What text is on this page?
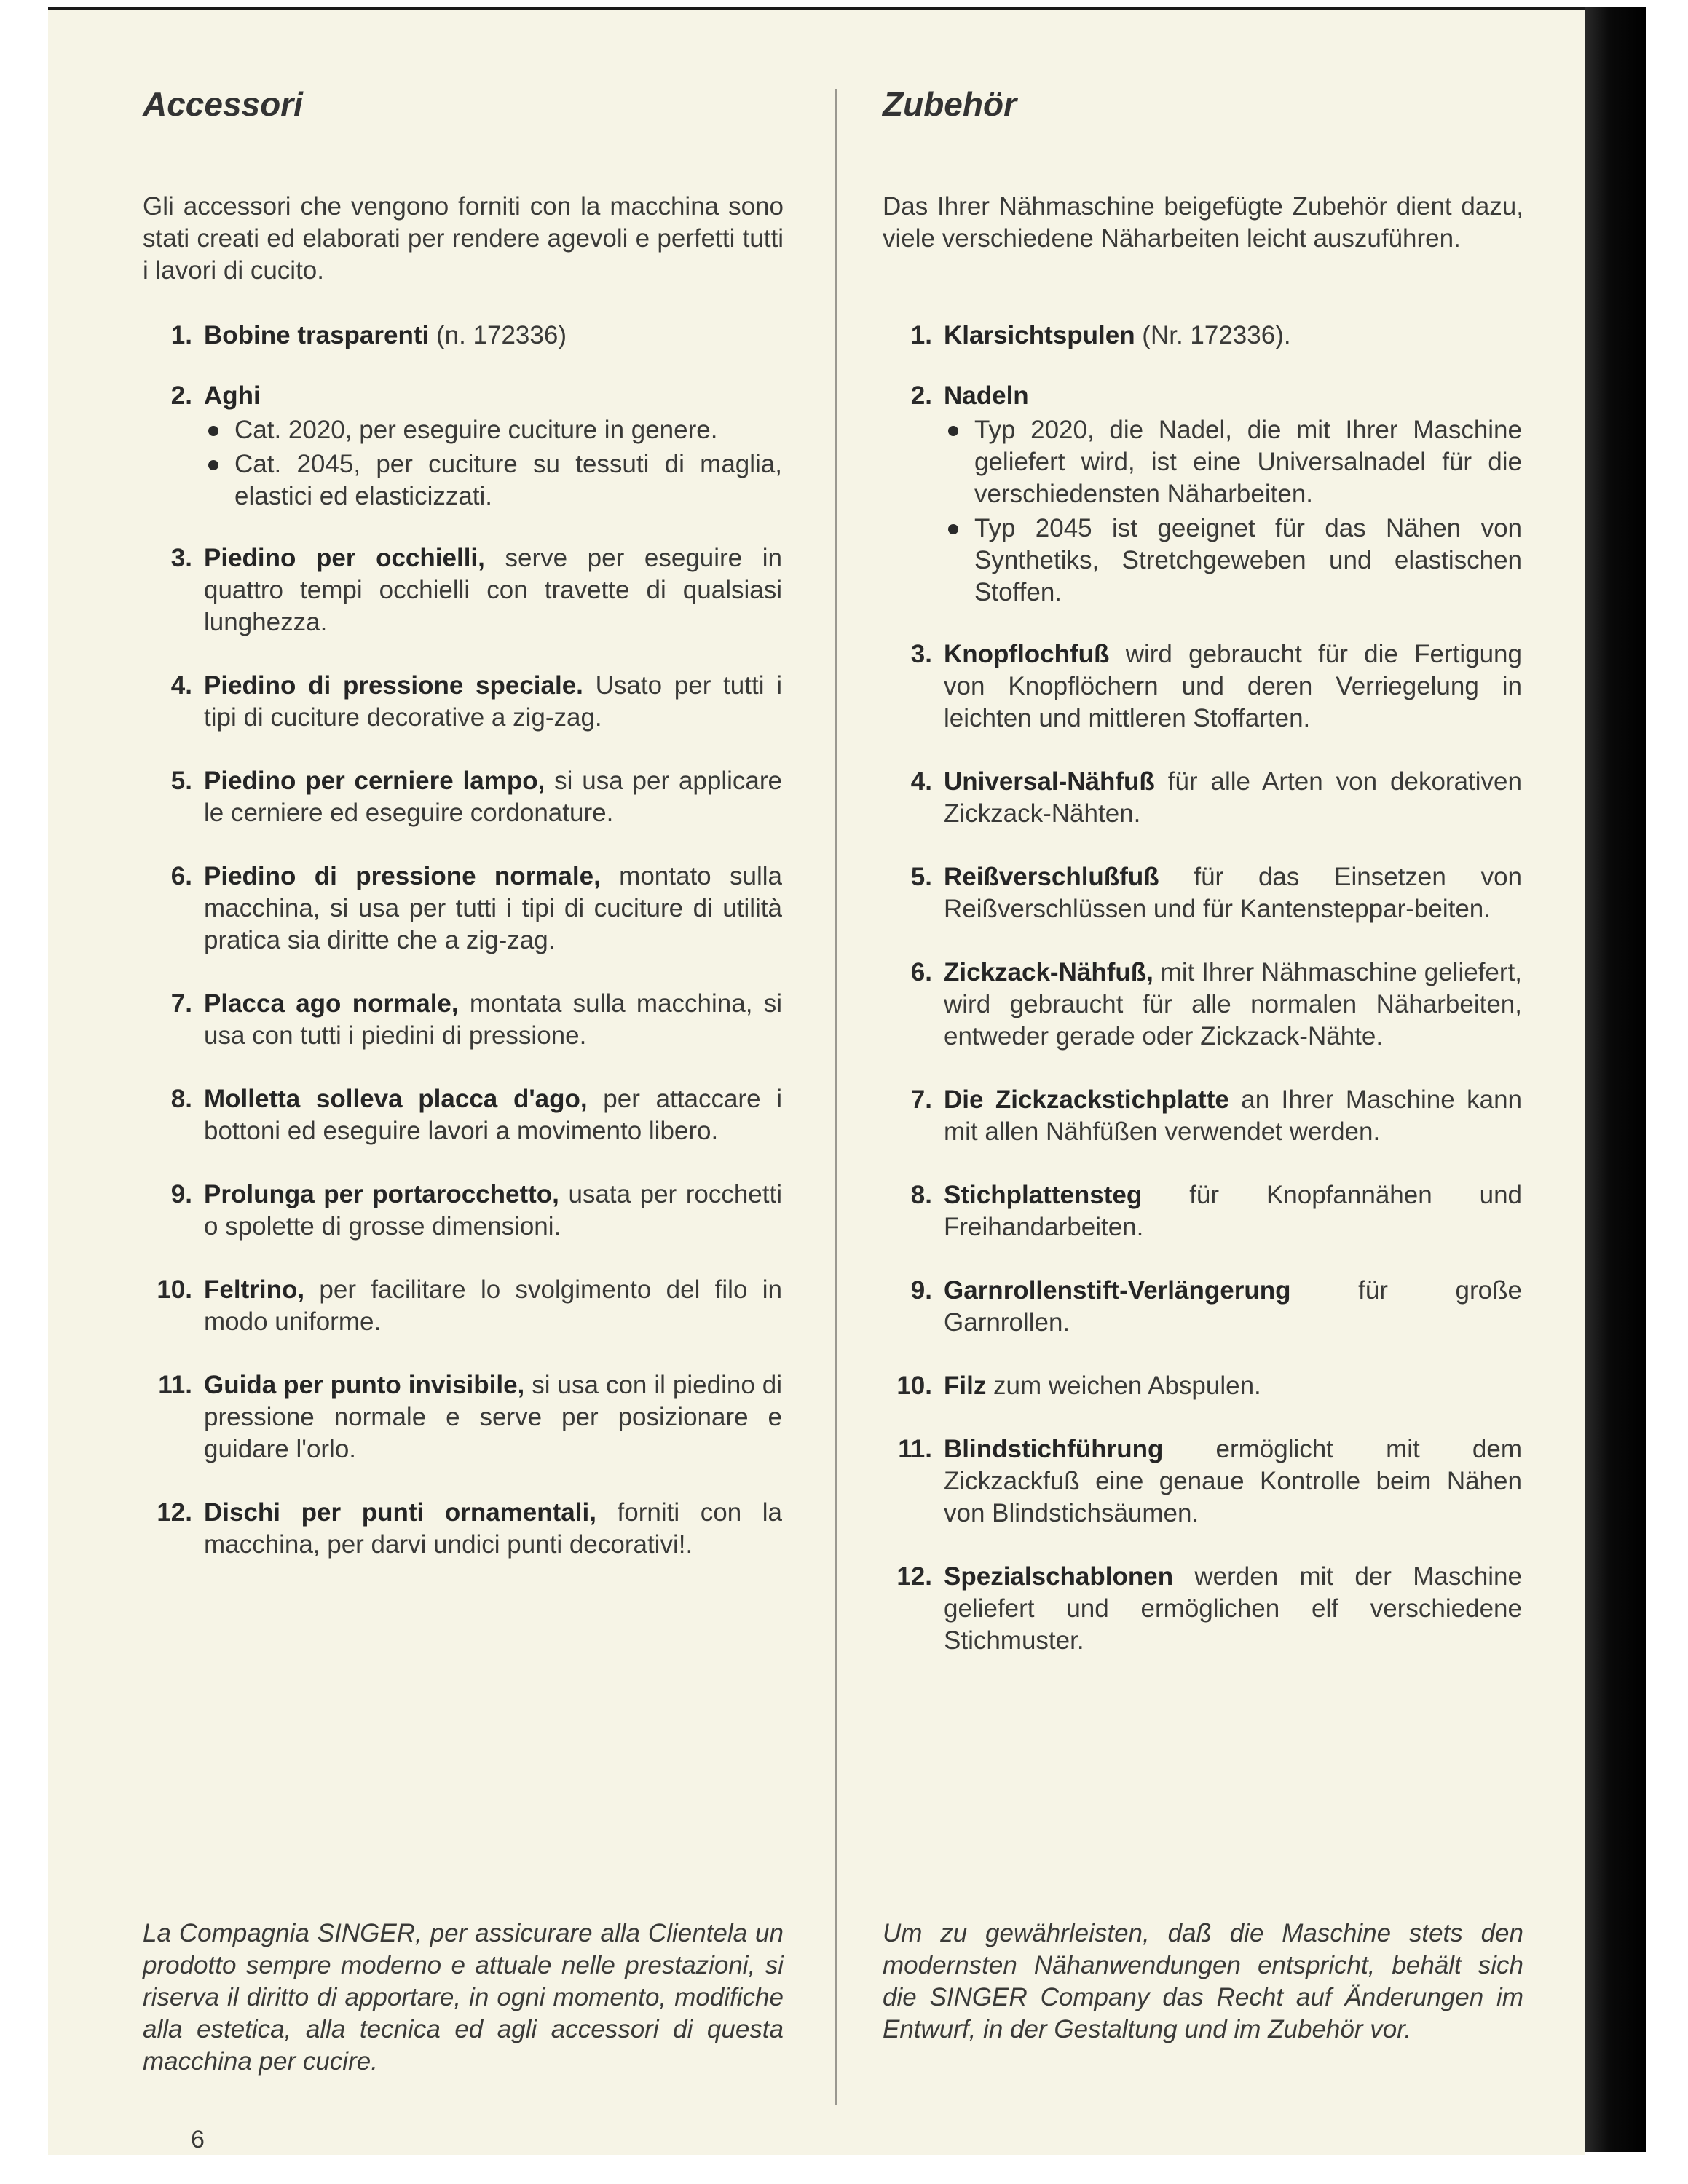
Accessori

Gli accessori che vengono forniti con la macchina sono stati creati ed elaborati per rendere agevoli e perfetti tutti i lavori di cucito.

1. Bobine trasparenti (n. 172336)
2. Aghi
Cat. 2020, per eseguire cuciture in genere.
Cat. 2045, per cuciture su tessuti di maglia, elastici ed elasticizzati.
3. Piedino per occhielli, serve per eseguire in quattro tempi occhielli con travette di qualsiasi lunghezza.
4. Piedino di pressione speciale. Usato per tutti i tipi di cuciture decorative a zig-zag.
5. Piedino per cerniere lampo, si usa per applicare le cerniere ed eseguire cordonature.
6. Piedino di pressione normale, montato sulla macchina, si usa per tutti i tipi di cuciture di utilità pratica sia diritte che a zig-zag.
7. Placca ago normale, montata sulla macchina, si usa con tutti i piedini di pressione.
8. Molletta solleva placca d'ago, per attaccare i bottoni ed eseguire lavori a movimento libero.
9. Prolunga per portarocchetto, usata per rocchetti o spolette di grosse dimensioni.
10. Feltrino, per facilitare lo svolgimento del filo in modo uniforme.
11. Guida per punto invisibile, si usa con il piedino di pressione normale e serve per posizionare e guidare l'orlo.
12. Dischi per punti ornamentali, forniti con la macchina, per darvi undici punti decorativi!.

La Compagnia SINGER, per assicurare alla Clientela un prodotto sempre moderno e attuale nelle prestazioni, si riserva il diritto di apportare, in ogni momento, modifiche alla estetica, alla tecnica ed agli accessori di questa macchina per cucire.

Zubehör

Das Ihrer Nähmaschine beigefügte Zubehör dient dazu, viele verschiedene Näharbeiten leicht auszuführen.

1. Klarsichtspulen (Nr. 172336).
2. Nadeln
Typ 2020, die Nadel, die mit Ihrer Maschine geliefert wird, ist eine Universalnadel für die verschiedensten Näharbeiten.
Typ 2045 ist geeignet für das Nähen von Synthetiks, Stretchgeweben und elastischen Stoffen.
3. Knopflochfuß wird gebraucht für die Fertigung von Knopflöchern und deren Verriegelung in leichten und mittleren Stoffarten.
4. Universal-Nähfuß für alle Arten von dekorativen Zickzack-Nähten.
5. Reißverschlußfuß für das Einsetzen von Reißverschlüssen und für Kantensteppar-beiten.
6. Zickzack-Nähfuß, mit Ihrer Nähmaschine geliefert, wird gebraucht für alle normalen Näharbeiten, entweder gerade oder Zickzack-Nähte.
7. Die Zickzackstichplatte an Ihrer Maschine kann mit allen Nähfüßen verwendet werden.
8. Stichplattensteg für Knopfannähen und Freihandarbeiten.
9. Garnrollenstift-Verlängerung für große Garnrollen.
10. Filz zum weichen Abspulen.
11. Blindstichführung ermöglicht mit dem Zickzackfuß eine genaue Kontrolle beim Nähen von Blindstichsäumen.
12. Spezialschablonen werden mit der Maschine geliefert und ermöglichen elf verschiedene Stichmuster.

Um zu gewährleisten, daß die Maschine stets den modernsten Nähanwendungen entspricht, behält sich die SINGER Company das Recht auf Änderungen im Entwurf, in der Gestaltung und im Zubehör vor.

6
